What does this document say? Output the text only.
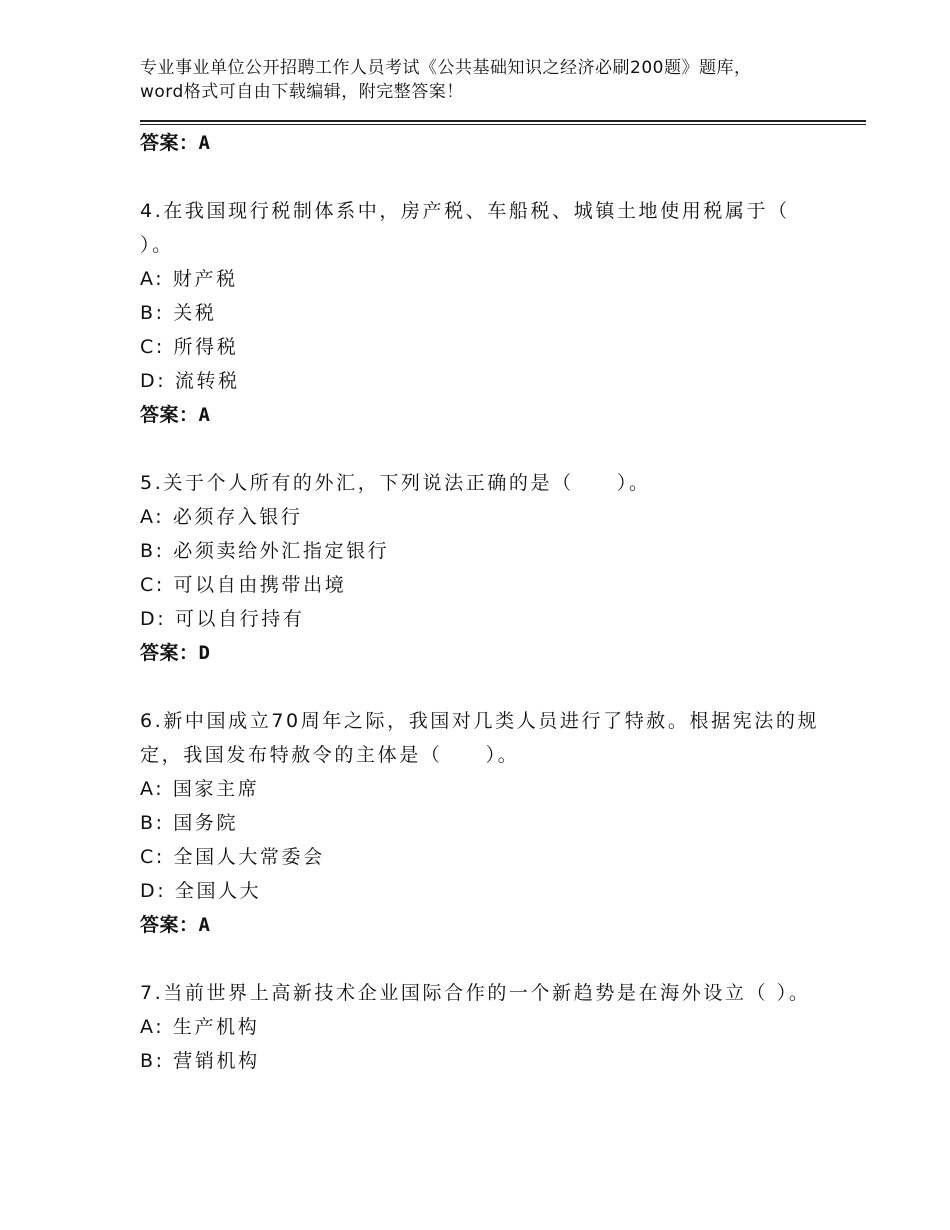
专业事业单位公开招聘工作人员考试《公共基础知识之经济必刷200题》题库，word格式可自由下载编辑，附完整答案！
答案：A
4.在我国现行税制体系中，房产税、车船税、城镇土地使用税属于（ ）。
A: 财产税
B: 关税
C: 所得税
D: 流转税
答案：A
5.关于个人所有的外汇，下列说法正确的是（　　）。
A: 必须存入银行
B: 必须卖给外汇指定银行
C: 可以自由携带出境
D: 可以自行持有
答案：D
6.新中国成立70周年之际，我国对几类人员进行了特赦。根据宪法的规定，我国发布特赦令的主体是（　　）。
A: 国家主席
B: 国务院
C: 全国人大常委会
D: 全国人大
答案：A
7.当前世界上高新技术企业国际合作的一个新趋势是在海外设立（ ）。
A: 生产机构
B: 营销机构
